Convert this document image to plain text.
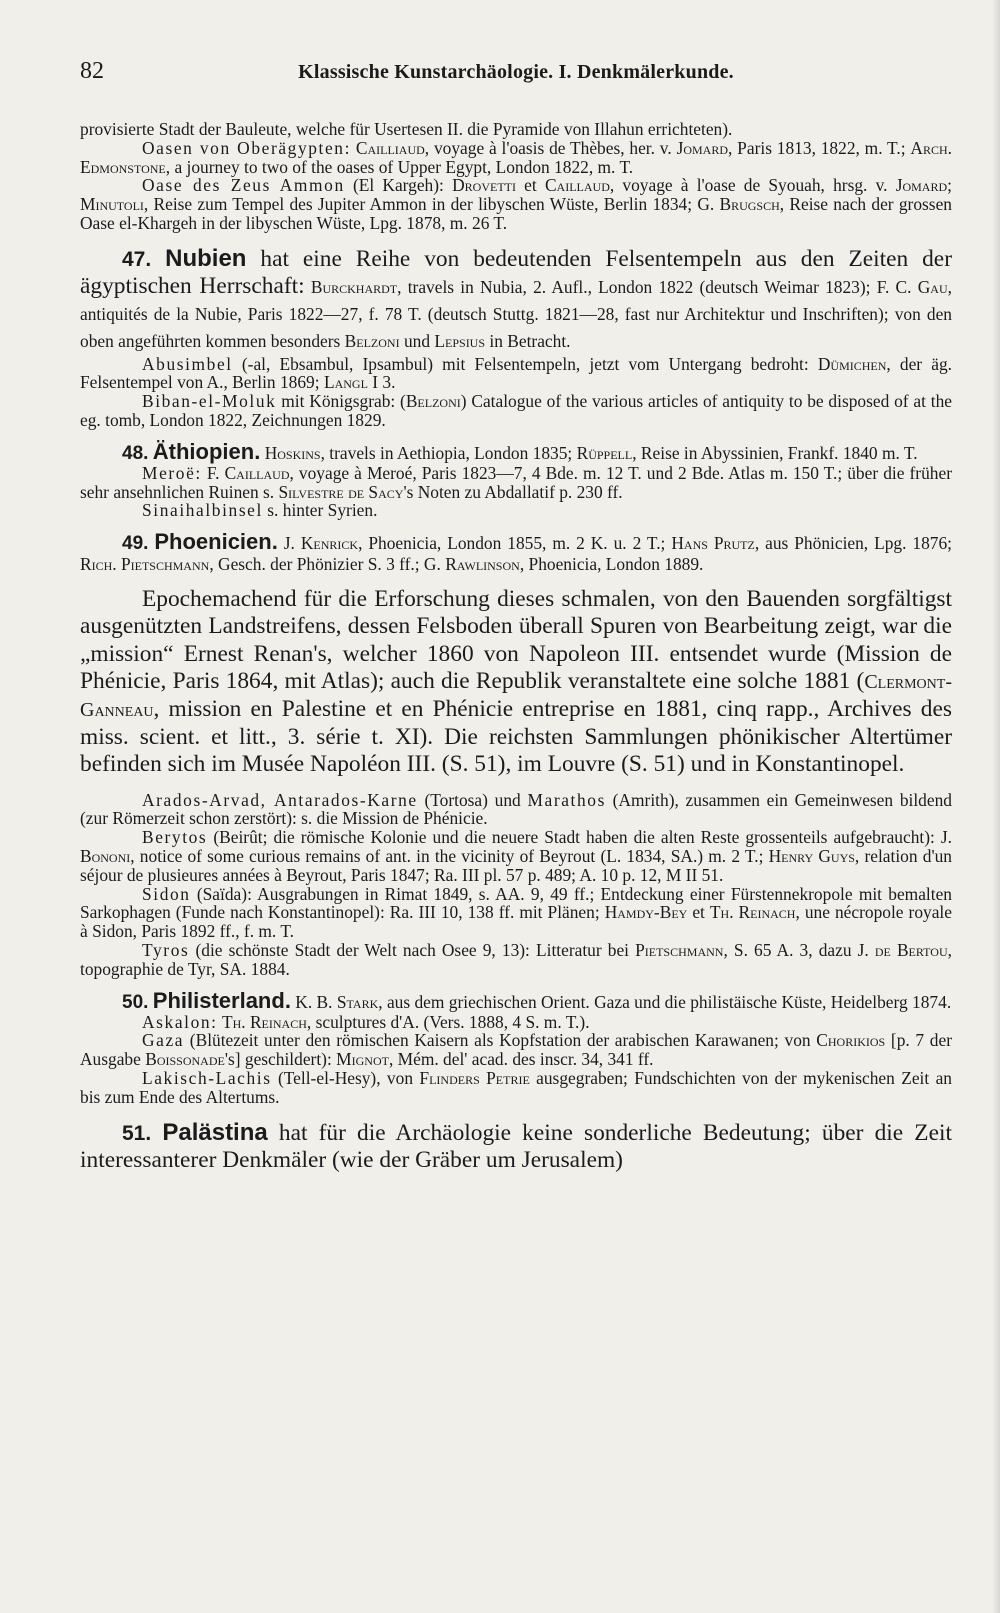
82	Klassische Kunstarchäologie. I. Denkmälerkunde.

provisierte Stadt der Bauleute, welche für Usertesen II. die Pyramide von Illahun errichteten).

Oasen von Oberägypten: Cailliaud, voyage à l'oasis de Thèbes, her. v. Jomard, Paris 1813, 1822, m. T.; Arch. Edmonstone, a journey to two of the oases of Upper Egypt, London 1822, m. T.

Oase des Zeus Ammon (El Kargeh): Drovetti et Caillaud, voyage à l'oase de Syouah, hrsg. v. Jomard; Minutoli, Reise zum Tempel des Jupiter Ammon in der libyschen Wüste, Berlin 1834; G. Brugsch, Reise nach der grossen Oase el-Khargeh in der libyschen Wüste, Lpg. 1878, m. 26 T.

47. Nubien hat eine Reihe von bedeutenden Felsentempeln aus den Zeiten der ägyptischen Herrschaft: Burckhardt, travels in Nubia, 2. Aufl., London 1822 (deutsch Weimar 1823); F. C. Gau, antiquités de la Nubie, Paris 1822—27, f. 78 T. (deutsch Stuttg. 1821—28, fast nur Architektur und Inschriften); von den oben angeführten kommen besonders Belzoni und Lepsius in Betracht.

Abusimbel (-al, Ebsambul, Ipsambul) mit Felsentempeln, jetzt vom Untergang bedroht: Dümichen, der äg. Felsentempel von A., Berlin 1869; Langl I 3.

Biban-el-Moluk mit Königsgrab: (Belzoni) Catalogue of the various articles of antiquity to be disposed of at the eg. tomb, London 1822, Zeichnungen 1829.

48. Äthiopien. Hoskins, travels in Aethiopia, London 1835; Rüppell, Reise in Abyssinien, Frankf. 1840 m. T.

Meroë: F. Caillaud, voyage à Meroé, Paris 1823—7, 4 Bde. m. 12 T. und 2 Bde. Atlas m. 150 T.; über die früher sehr ansehnlichen Ruinen s. Silvestre de Sacy's Noten zu Abdallatif p. 230 ff.

Sinaihalbinsel s. hinter Syrien.

49. Phoenicien. J. Kenrick, Phoenicia, London 1855, m. 2 K. u. 2 T.; Hans Prutz, aus Phönicien, Lpg. 1876; Rich. Pietschmann, Gesch. der Phönizier S. 3 ff.; G. Rawlinson, Phoenicia, London 1889.

Epochemachend für die Erforschung dieses schmalen, von den Bauenden sorgfältigst ausgenützten Landstreifens, dessen Felsboden überall Spuren von Bearbeitung zeigt, war die „mission“ Ernest Renan's, welcher 1860 von Napoleon III. entsendet wurde (Mission de Phénicie, Paris 1864, mit Atlas); auch die Republik veranstaltete eine solche 1881 (Clermont-Ganneau, mission en Palestine et en Phénicie entreprise en 1881, cinq rapp., Archives des miss. scient. et litt., 3. série t. XI). Die reichsten Sammlungen phönikischer Altertümer befinden sich im Musée Napoléon III. (S. 51), im Louvre (S. 51) und in Konstantinopel.

Arados-Arvad, Antarados-Karne (Tortosa) und Marathos (Amrith), zusammen ein Gemeinwesen bildend (zur Römerzeit schon zerstört): s. die Mission de Phénicie.

Berytos (Beirût; die römische Kolonie und die neuere Stadt haben die alten Reste grossenteils aufgebraucht): J. Bononi, notice of some curious remains of ant. in the vicinity of Beyrout (L. 1834, SA.) m. 2 T.; Henry Guys, relation d'un séjour de plusieures années à Beyrout, Paris 1847; Ra. III pl. 57 p. 489; A. 10 p. 12, M II 51.

Sidon (Saïda): Ausgrabungen in Rimat 1849, s. AA. 9, 49 ff.; Entdeckung einer Fürstennekropole mit bemalten Sarkophagen (Funde nach Konstantinopel): Ra. III 10, 138 ff. mit Plänen; Hamdy-Bey et Th. Reinach, une nécropole royale à Sidon, Paris 1892 ff., f. m. T.

Tyros (die schönste Stadt der Welt nach Osee 9, 13): Litteratur bei Pietschmann, S. 65 A. 3, dazu J. de Bertou, topographie de Tyr, SA. 1884.

50. Philisterland. K. B. Stark, aus dem griechischen Orient. Gaza und die philistäische Küste, Heidelberg 1874.

Askalon: Th. Reinach, sculptures d'A. (Vers. 1888, 4 S. m. T.).

Gaza (Blütezeit unter den römischen Kaisern als Kopfstation der arabischen Karawanen; von Chorikios [p. 7 der Ausgabe Boissonade's] geschildert): Mignot, Mém. del' acad. des inscr. 34, 341 ff.

Lakisch-Lachis (Tell-el-Hesy), von Flinders Petrie ausgegraben; Fundschichten von der mykenischen Zeit an bis zum Ende des Altertums.

51. Palästina hat für die Archäologie keine sonderliche Bedeutung; über die Zeit interessanterer Denkmäler (wie der Gräber um Jerusalem)
